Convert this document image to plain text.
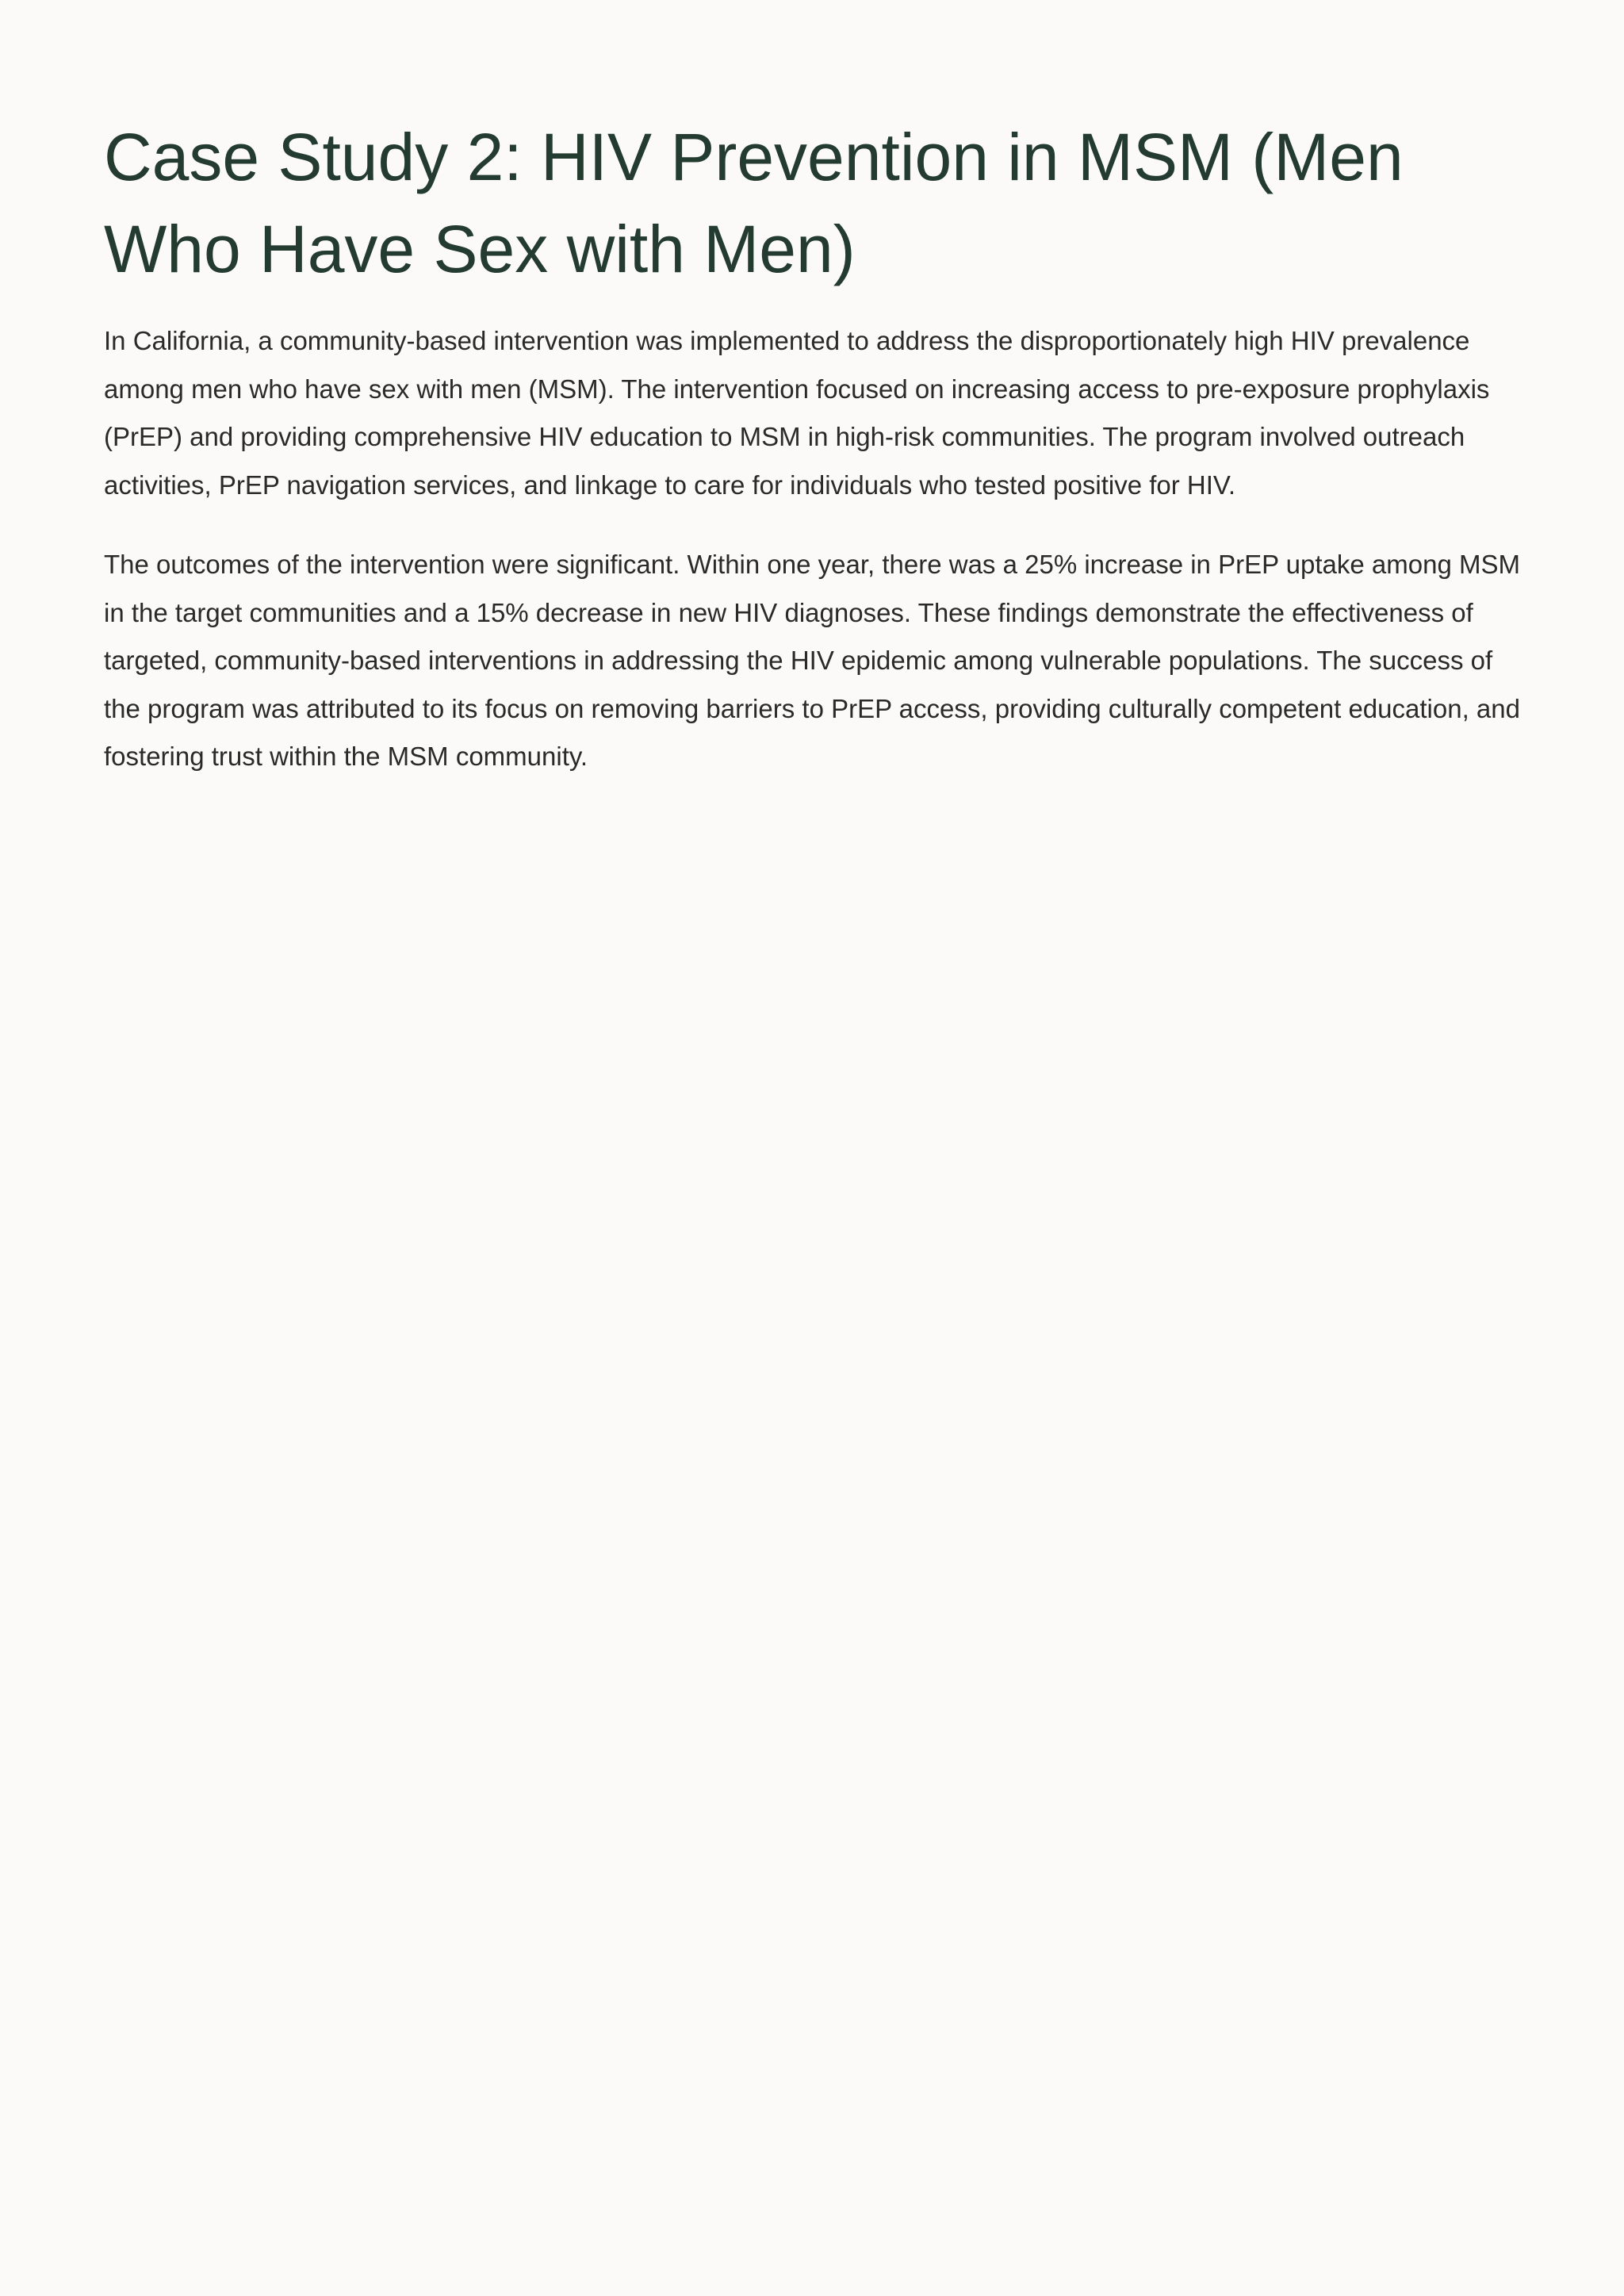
Case Study 2: HIV Prevention in MSM (Men Who Have Sex with Men)

In California, a community-based intervention was implemented to address the disproportionately high HIV prevalence among men who have sex with men (MSM). The intervention focused on increasing access to pre-exposure prophylaxis (PrEP) and providing comprehensive HIV education to MSM in high-risk communities. The program involved outreach activities, PrEP navigation services, and linkage to care for individuals who tested positive for HIV.

The outcomes of the intervention were significant. Within one year, there was a 25% increase in PrEP uptake among MSM in the target communities and a 15% decrease in new HIV diagnoses. These findings demonstrate the effectiveness of targeted, community-based interventions in addressing the HIV epidemic among vulnerable populations. The success of the program was attributed to its focus on removing barriers to PrEP access, providing culturally competent education, and fostering trust within the MSM community.
